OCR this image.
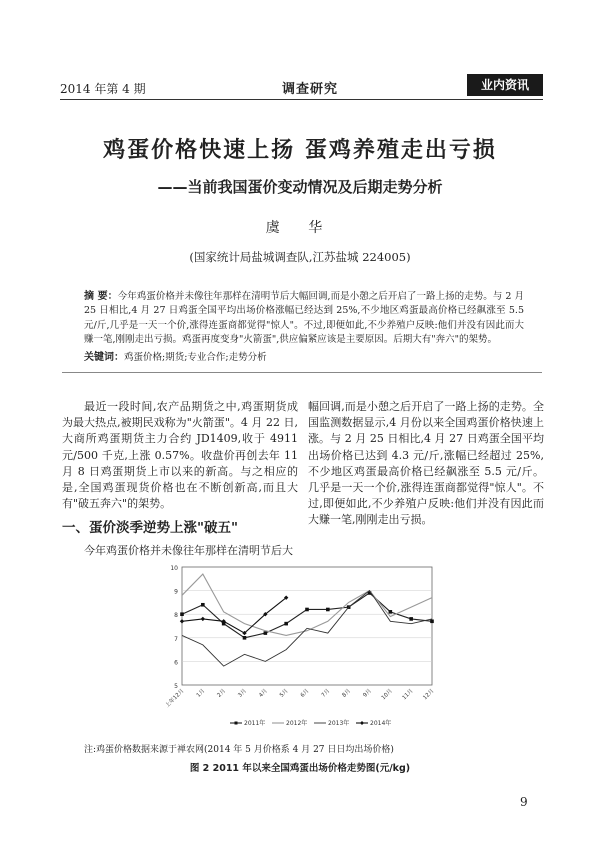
2014 年第 4 期	调查研究	业内资讯
鸡蛋价格快速上扬 蛋鸡养殖走出亏损
——当前我国蛋价变动情况及后期走势分析
虞 华
(国家统计局盐城调查队,江苏盐城 224005)
摘 要：今年鸡蛋价格并未像往年那样在清明节后大幅回调,而是小憩之后开启了一路上扬的走势。与 2 月 25 日相比,4 月 27 日鸡蛋全国平均出场价格涨幅已经达到 25%,不少地区鸡蛋最高价格已经飙涨至 5.5 元/斤,几乎是一天一个价,涨得连蛋商都觉得"惊人"。不过,即便如此,不少养殖户反映:他们并没有因此而大赚一笔,刚刚走出亏损。鸡蛋再度变身"火箭蛋",供应偏紧应该是主要原因。后期大有"奔六"的架势。
关键词：鸡蛋价格;期货;专业合作;走势分析
最近一段时间,农产品期货之中,鸡蛋期货成为最大热点,被期民戏称为"火箭蛋"。4 月 22 日,大商所鸡蛋期货主力合约 JD1409,收于 4911 元/500 千克,上涨 0.57%。收盘价再创去年 11 月 8 日鸡蛋期货上市以来的新高。与之相应的是,全国鸡蛋现货价格也在不断创新高,而且大有"破五奔六"的架势。
一、蛋价淡季逆势上涨"破五"
今年鸡蛋价格并未像往年那样在清明节后大
幅回调,而是小憩之后开启了一路上扬的走势。全国监测数据显示,4 月份以来全国鸡蛋价格快速上涨。与 2 月 25 日相比,4 月 27 日鸡蛋全国平均出场价格已达到 4.3 元/斤,涨幅已经超过 25%,不少地区鸡蛋最高价格已经飙涨至 5.5 元/斤。几乎是一天一个价,涨得连蛋商都觉得"惊人"。不过,即便如此,不少养殖户反映:他们并没有因此而大赚一笔,刚刚走出亏损。
5
6
7
8
9
10
上年12月 1月 2月 3月 4月 5月 6月 7月 8月 9月 10月 11月 12月
2011年	2012年	2013年	2014年
注:鸡蛋价格数据来源于禅农网(2014 年 5 月价格系 4 月 27 日日均出场价格)
图 2 2011 年以来全国鸡蛋出场价格走势图(元/kg)
9
